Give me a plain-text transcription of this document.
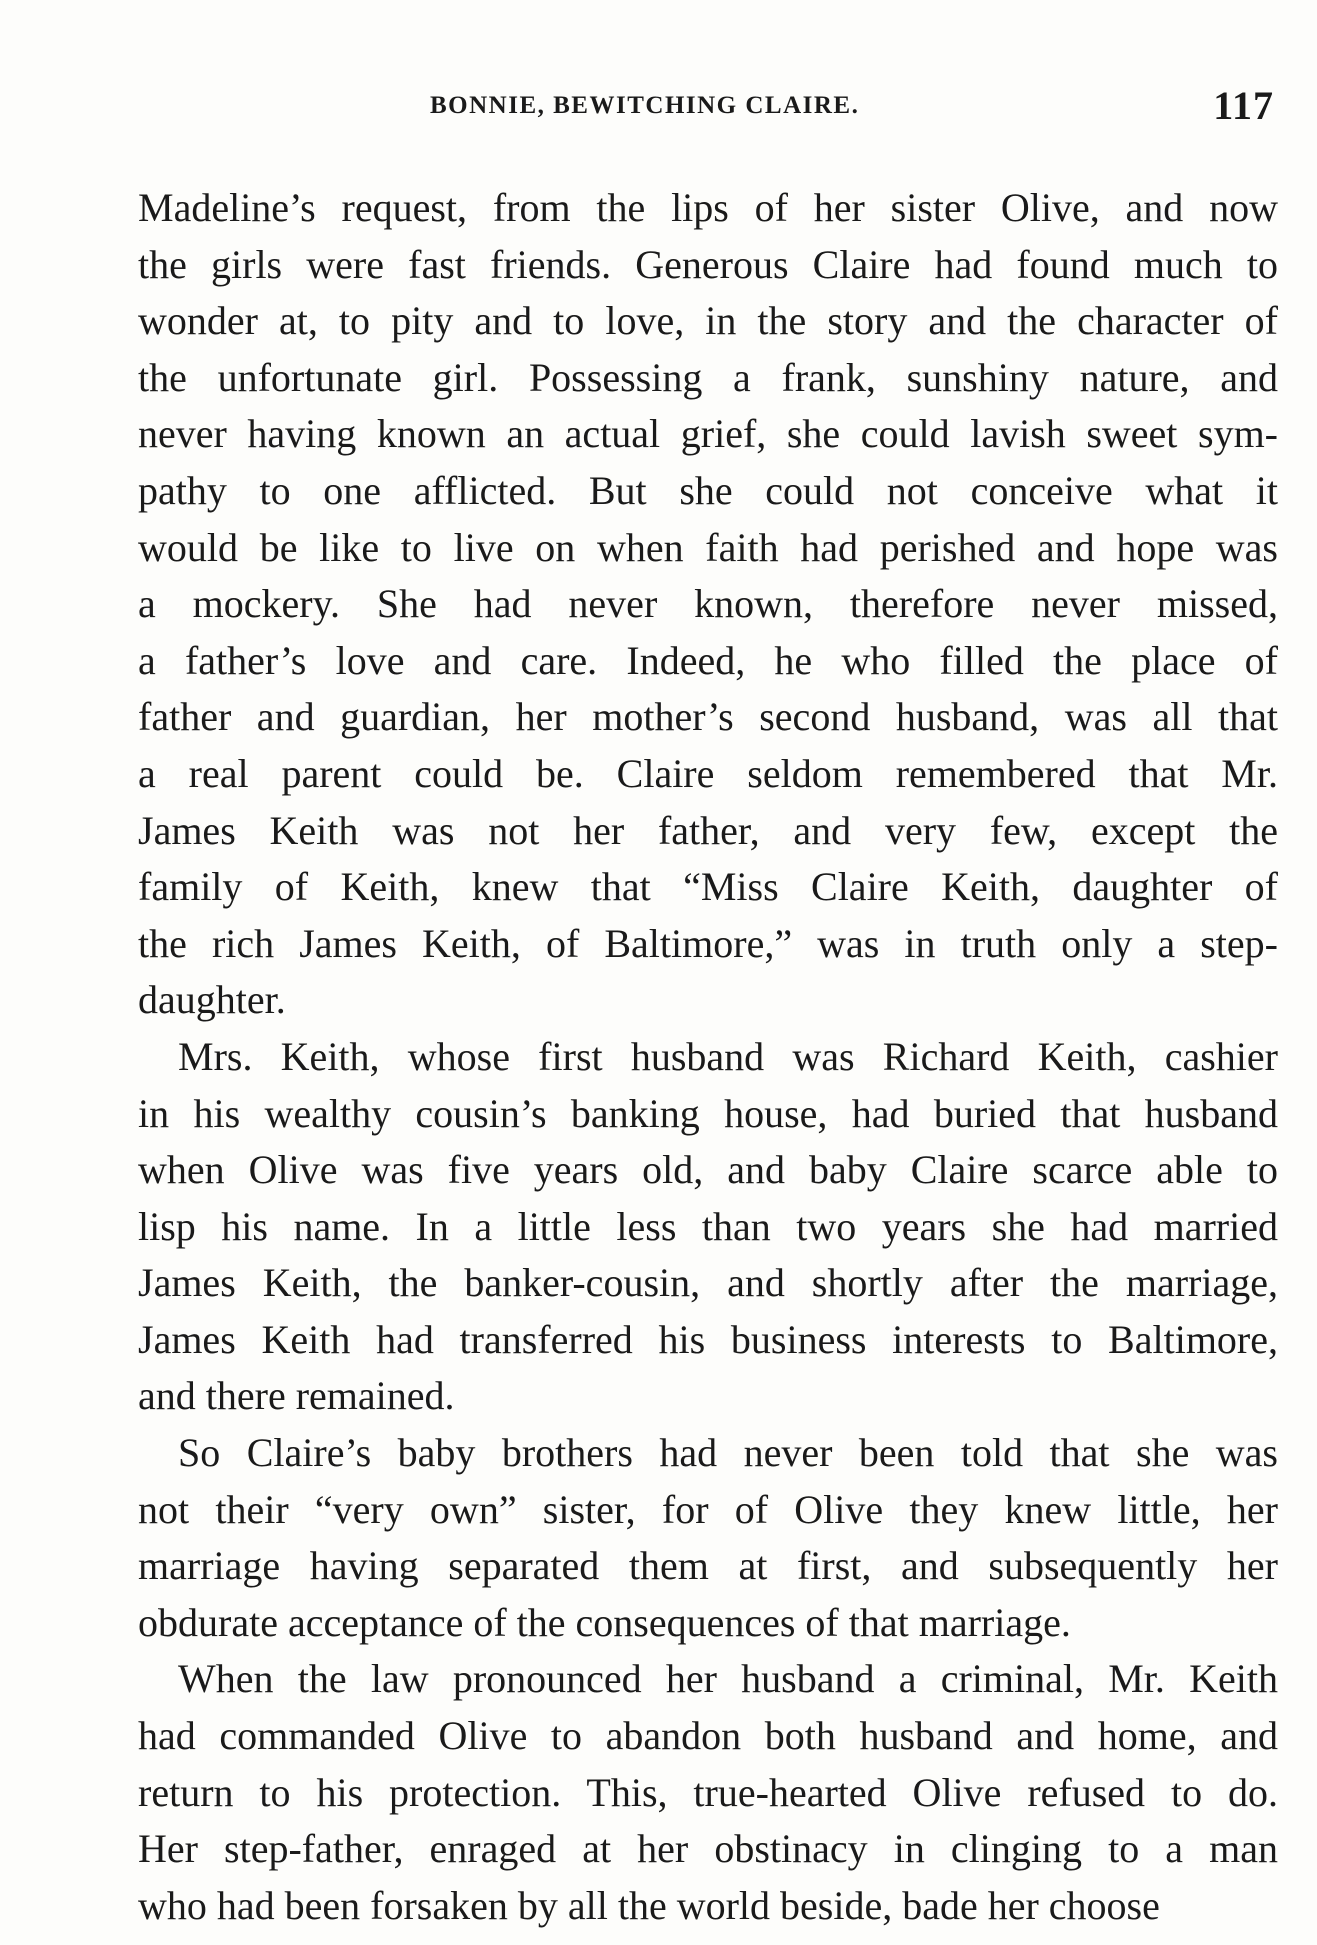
BONNIE, BEWITCHING CLAIRE.	117
Madeline’s request, from the lips of her sister Olive, and now
the girls were fast friends. Generous Claire had found much to
wonder at, to pity and to love, in the story and the character of
the unfortunate girl. Possessing a frank, sunshiny nature, and
never having known an actual grief, she could lavish sweet sym-
pathy to one afflicted. But she could not conceive what it
would be like to live on when faith had perished and hope was
a mockery. She had never known, therefore never missed,
a father’s love and care. Indeed, he who filled the place of
father and guardian, her mother’s second husband, was all that
a real parent could be. Claire seldom remembered that Mr.
James Keith was not her father, and very few, except the
family of Keith, knew that “Miss Claire Keith, daughter of
the rich James Keith, of Baltimore,” was in truth only a step-
daughter.
Mrs. Keith, whose first husband was Richard Keith, cashier
in his wealthy cousin’s banking house, had buried that husband
when Olive was five years old, and baby Claire scarce able to
lisp his name. In a little less than two years she had married
James Keith, the banker-cousin, and shortly after the marriage,
James Keith had transferred his business interests to Baltimore,
and there remained.
So Claire’s baby brothers had never been told that she was
not their “very own” sister, for of Olive they knew little, her
marriage having separated them at first, and subsequently her
obdurate acceptance of the consequences of that marriage.
When the law pronounced her husband a criminal, Mr. Keith
had commanded Olive to abandon both husband and home, and
return to his protection. This, true-hearted Olive refused to do.
Her step-father, enraged at her obstinacy in clinging to a man
who had been forsaken by all the world beside, bade her choose
